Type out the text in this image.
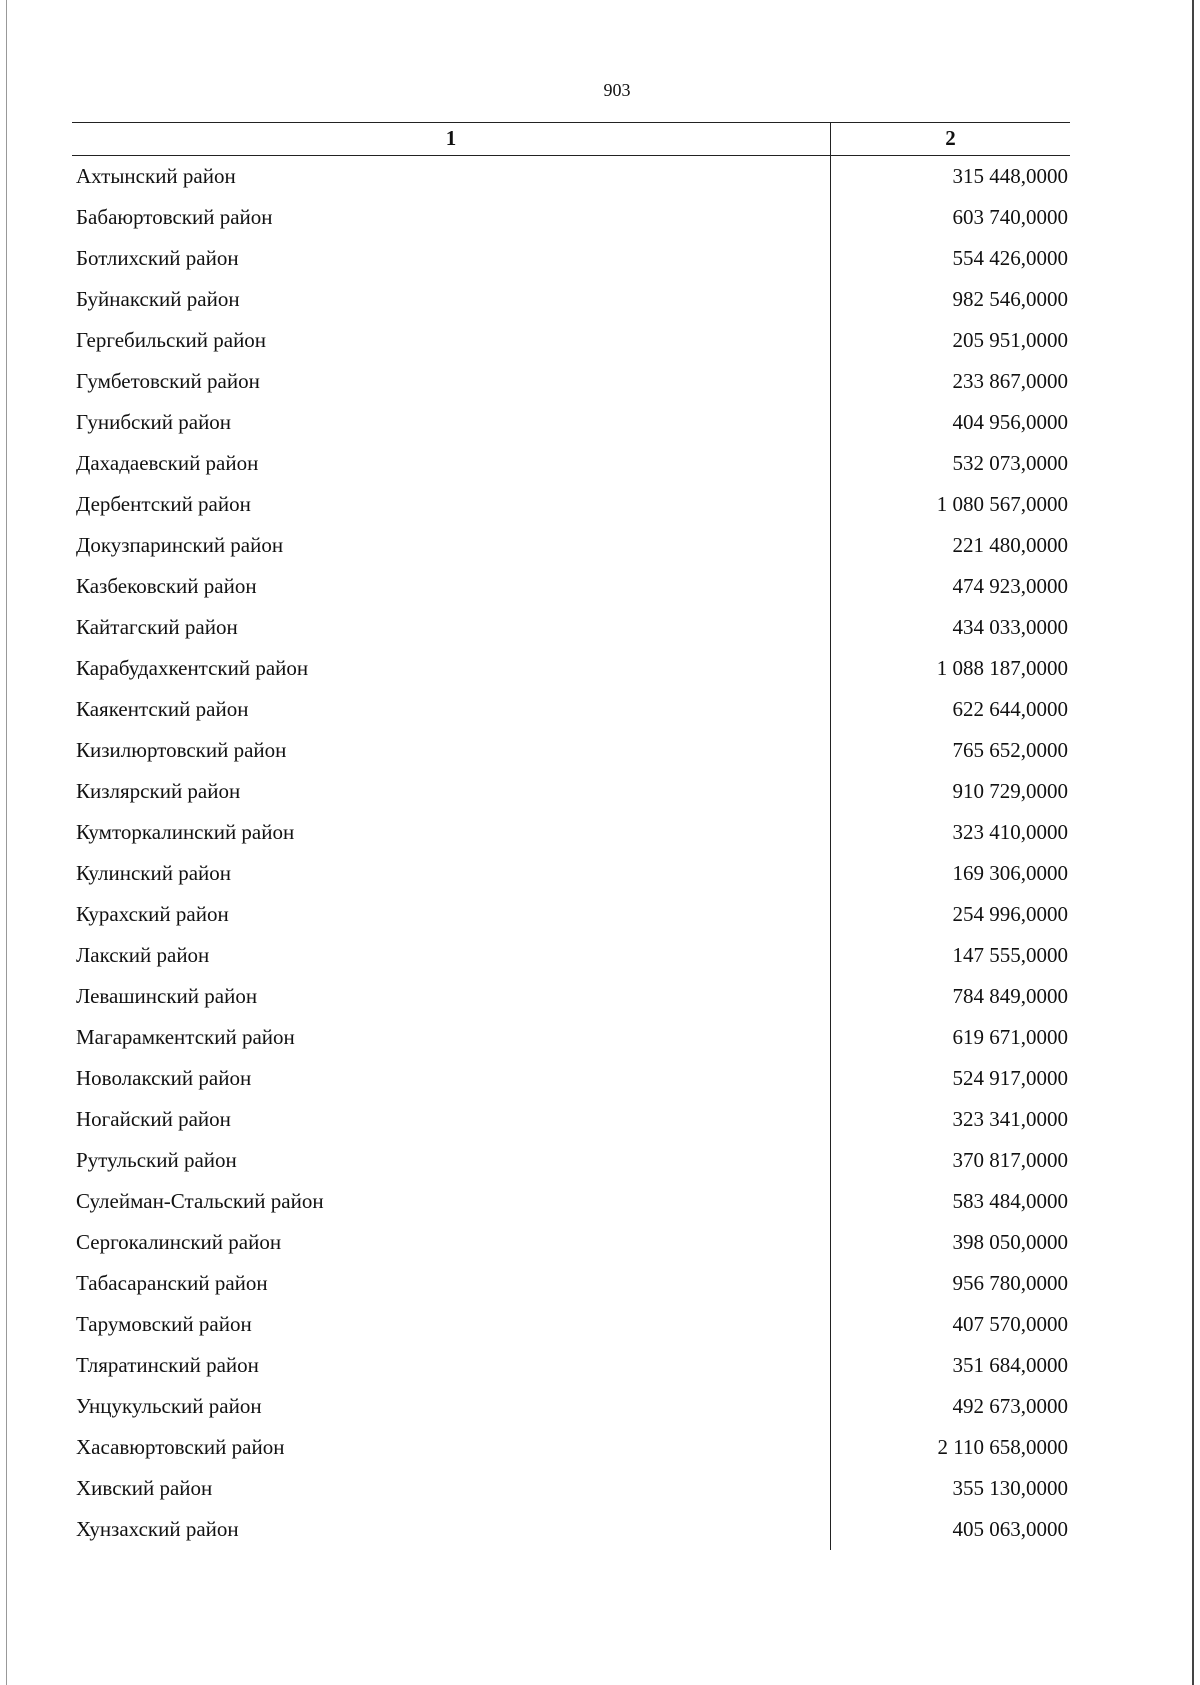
903
1	2
Ахтынский район	315 448,0000
Бабаюртовский район	603 740,0000
Ботлихский район	554 426,0000
Буйнакский район	982 546,0000
Гергебильский район	205 951,0000
Гумбетовский район	233 867,0000
Гунибский район	404 956,0000
Дахадаевский район	532 073,0000
Дербентский район	1 080 567,0000
Докузпаринский район	221 480,0000
Казбековский район	474 923,0000
Кайтагский район	434 033,0000
Карабудахкентский район	1 088 187,0000
Каякентский район	622 644,0000
Кизилюртовский район	765 652,0000
Кизлярский район	910 729,0000
Кумторкалинский район	323 410,0000
Кулинский район	169 306,0000
Курахский район	254 996,0000
Лакский район	147 555,0000
Левашинский район	784 849,0000
Магарамкентский район	619 671,0000
Новолакский район	524 917,0000
Ногайский район	323 341,0000
Рутульский район	370 817,0000
Сулейман-Стальский район	583 484,0000
Сергокалинский район	398 050,0000
Табасаранский район	956 780,0000
Тарумовский район	407 570,0000
Тляратинский район	351 684,0000
Унцукульский район	492 673,0000
Хасавюртовский район	2 110 658,0000
Хивский район	355 130,0000
Хунзахский район	405 063,0000
